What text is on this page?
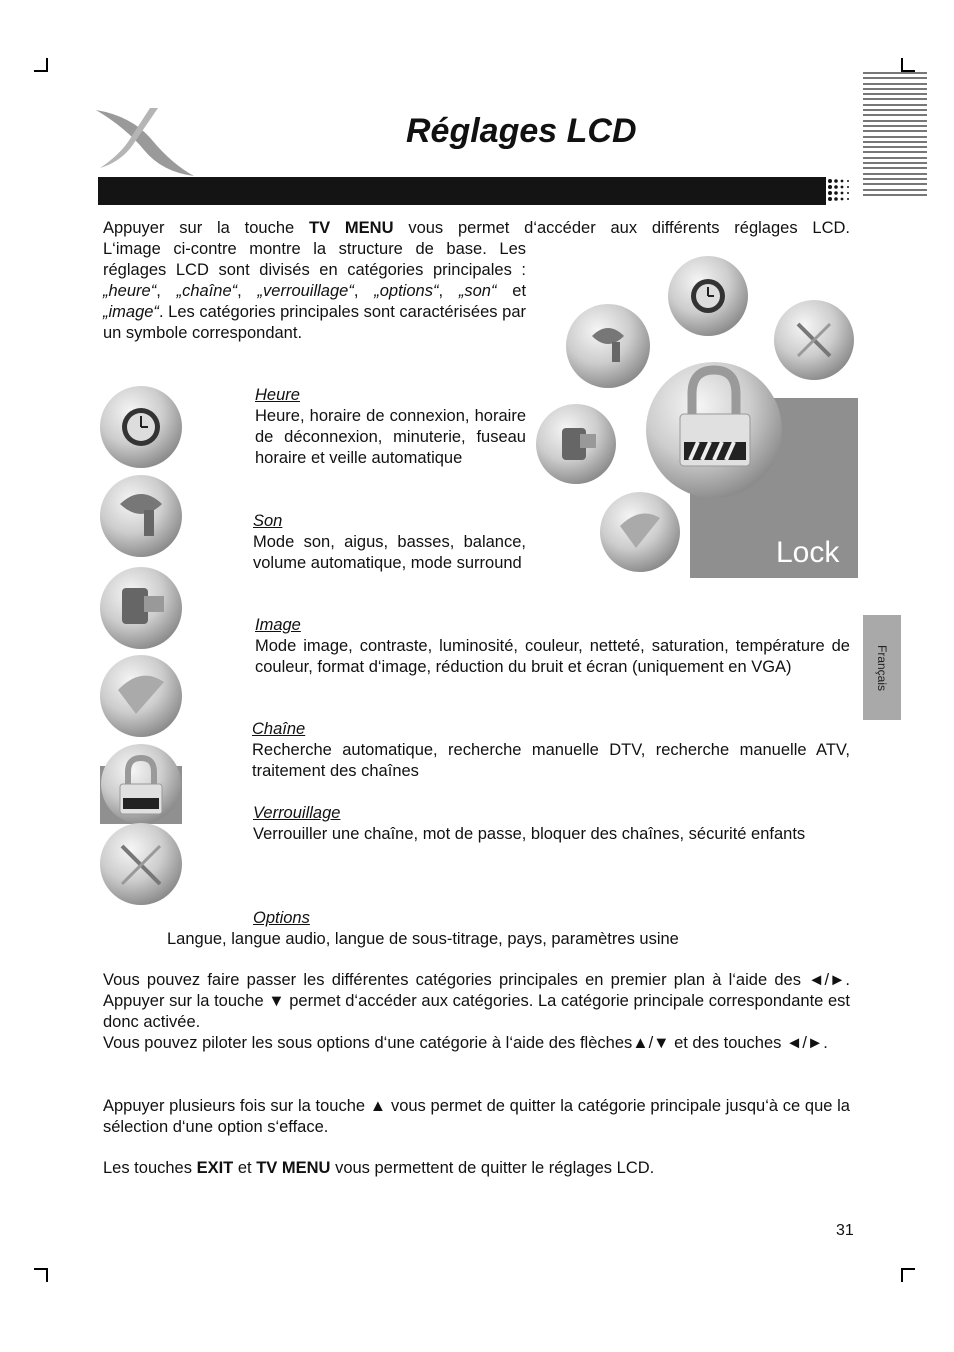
Réglages LCD
Français
Appuyer sur la touche TV MENU vous permet d‘accéder aux différents réglages LCD.
L‘image ci-contre montre la structure de base. Les réglages LCD sont divisés en catégories principales : „heure“, „chaîne“, „verrouillage“, „options“, „son“ et „image“. Les catégories principales sont caractérisées par un symbole correspondant.
Lock
Heure
Heure, horaire de connexion, horaire de déconnexion, minuterie, fuseau horaire et veille automatique
Son
Mode son, aigus, basses, balance, volume automatique, mode surround
Image
Mode image, contraste, luminosité, couleur, netteté, saturation, température de couleur, format d‘image, réduction du bruit et écran (uniquement en VGA)
Chaîne
Recherche automatique, recherche manuelle DTV, recherche manuelle ATV, traitement des chaînes
Verrouillage
Verrouiller une chaîne, mot de passe, bloquer des chaînes, sécurité enfants
Options
Langue, langue audio, langue de sous-titrage, pays, paramètres usine
Vous pouvez faire passer les différentes catégories principales en premier plan à l‘aide des ◄/►. Appuyer sur la touche ▼ permet d‘accéder aux catégories. La catégorie principale correspondante est donc activée.
Vous pouvez piloter les sous options d‘une catégorie à l‘aide des flèches▲/▼ et des touches ◄/►.
Appuyer plusieurs fois sur la touche ▲ vous permet de quitter la catégorie principale jusqu‘à ce que la sélection d‘une option s‘efface.
Les touches EXIT et TV MENU vous permettent de quitter le réglages LCD.
31
